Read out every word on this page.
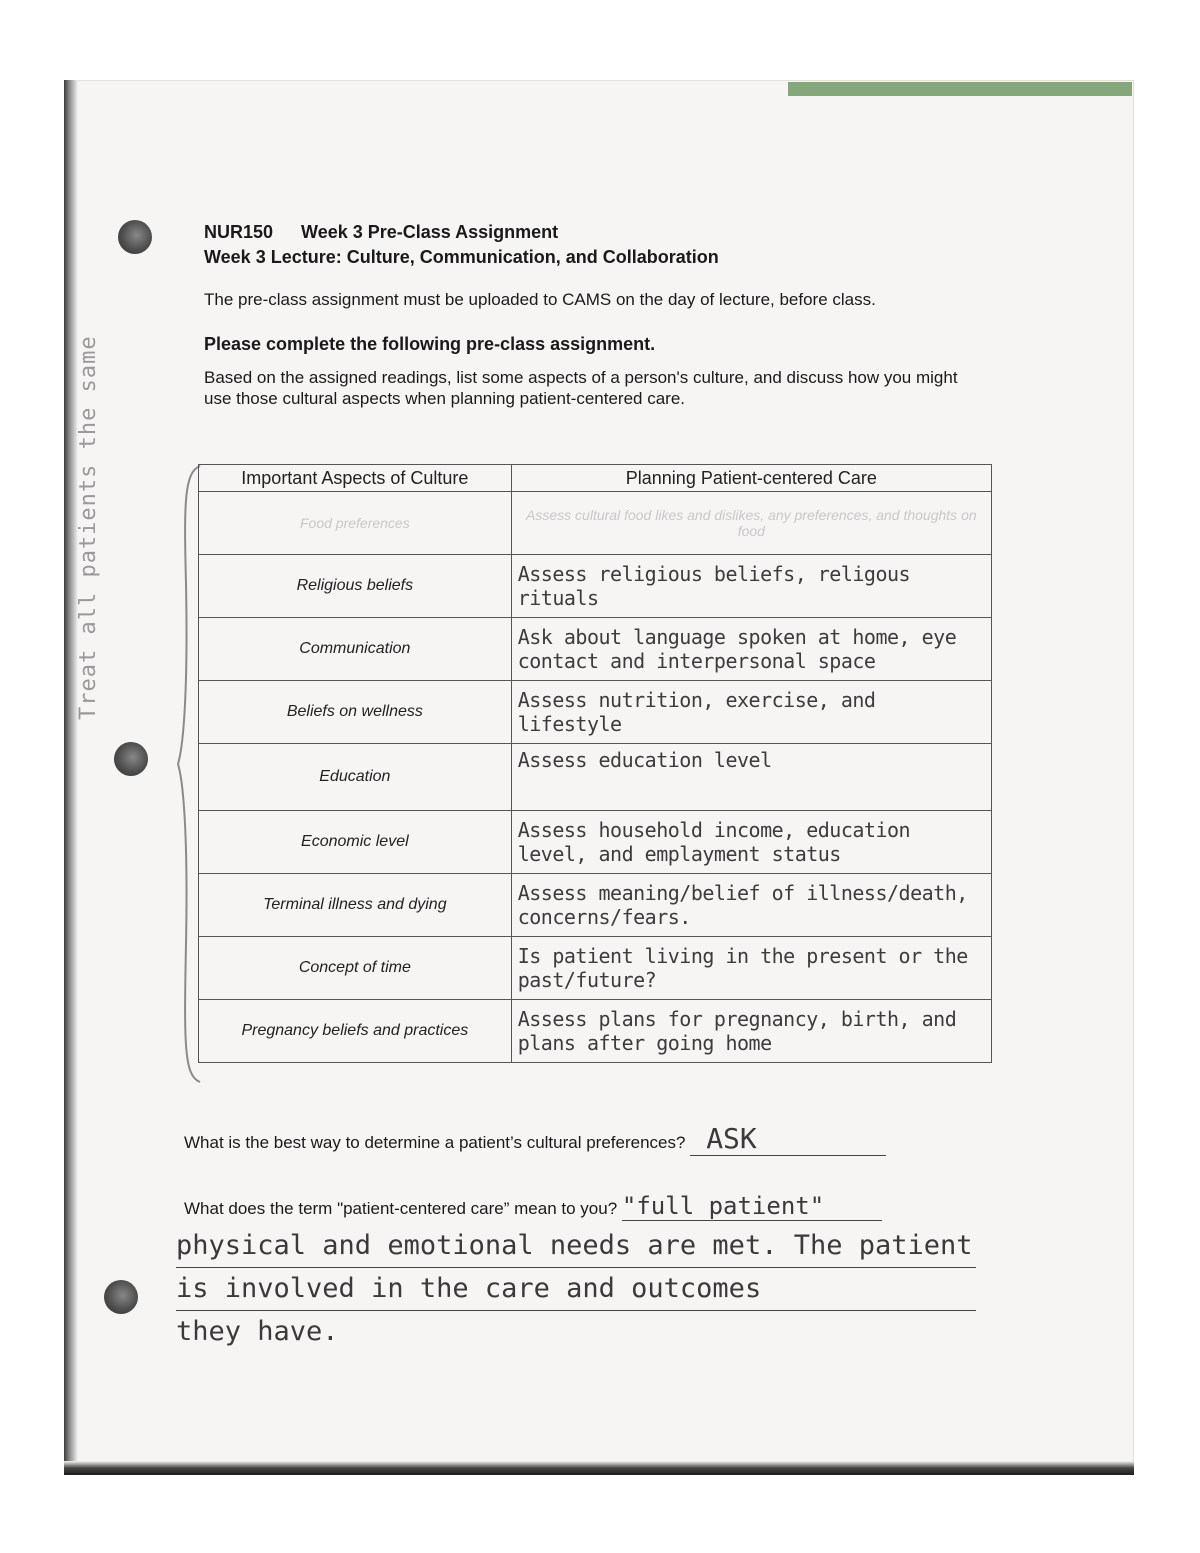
Treat all patients the same
NUR150 Week 3 Pre-Class Assignment
Week 3 Lecture: Culture, Communication, and Collaboration
The pre-class assignment must be uploaded to CAMS on the day of lecture, before class.
Please complete the following pre-class assignment.
Based on the assigned readings, list some aspects of a person's culture, and discuss how you might use those cultural aspects when planning patient-centered care.
Important Aspects of Culture	Planning Patient-centered Care
Food preferences	Assess cultural food likes and dislikes, any preferences, and thoughts on food
Religious beliefs	Assess religious beliefs, religous rituals
Communication	Ask about language spoken at home, eye contact and interpersonal space
Beliefs on wellness	Assess nutrition, exercise, and lifestyle
Education	Assess education level
Economic level	Assess household income, education level, and emplayment status
Terminal illness and dying	Assess meaning/belief of illness/death, concerns/fears.
Concept of time	Is patient living in the present or the past/future?
Pregnancy beliefs and practices	Assess plans for pregnancy, birth, and plans after going home
What is the best way to determine a patient’s cultural preferences? ASK
What does the term "patient-centered care” mean to you? "full patient"
physical and emotional needs are met. The patient
is involved in the care and outcomes
they have.
